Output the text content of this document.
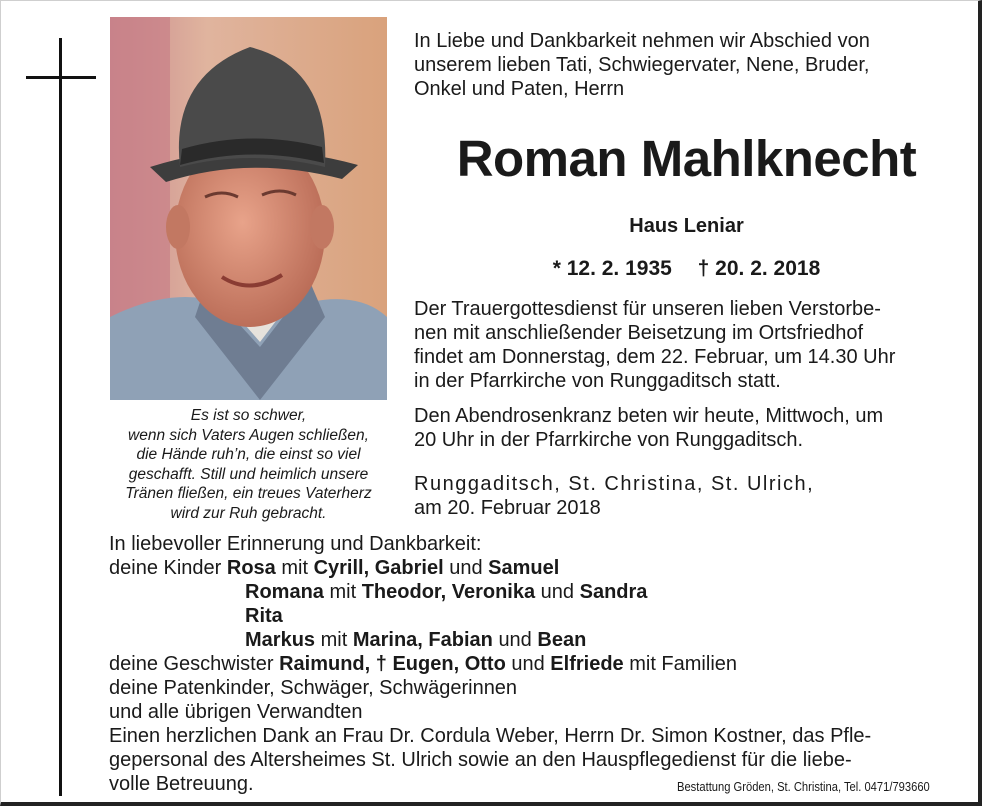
Es ist so schwer,
wenn sich Vaters Augen schließen,
die Hände ruh’n, die einst so viel
geschafft. Still und heimlich unsere
Tränen fließen, ein treues Vaterherz
wird zur Ruh gebracht.
In Liebe und Dankbarkeit nehmen wir Abschied von
unserem lieben Tati, Schwiegervater, Nene, Bruder,
Onkel und Paten, Herrn
Roman Mahlknecht
Haus Leniar
* 12. 2. 1935 † 20. 2. 2018
Der Trauergottesdienst für unseren lieben Verstorbe-
nen mit anschließender Beisetzung im Ortsfriedhof
findet am Donnerstag, dem 22. Februar, um 14.30 Uhr
in der Pfarrkirche von Runggaditsch statt.
Den Abendrosenkranz beten wir heute, Mittwoch, um
20 Uhr in der Pfarrkirche von Runggaditsch.
Runggaditsch, St. Christina, St. Ulrich,
am 20. Februar 2018
In liebevoller Erinnerung und Dankbarkeit:
deine Kinder Rosa mit Cyrill, Gabriel und Samuel
Romana mit Theodor, Veronika und Sandra
Rita
Markus mit Marina, Fabian und Bean
deine Geschwister Raimund, † Eugen, Otto und Elfriede mit Familien
deine Patenkinder, Schwäger, Schwägerinnen
und alle übrigen Verwandten
Einen herzlichen Dank an Frau Dr. Cordula Weber, Herrn Dr. Simon Kostner, das Pfle-
gepersonal des Altersheimes St. Ulrich sowie an den Hauspflegedienst für die liebe-
volle Betreuung.	Bestattung Gröden, St. Christina, Tel. 0471/793660
